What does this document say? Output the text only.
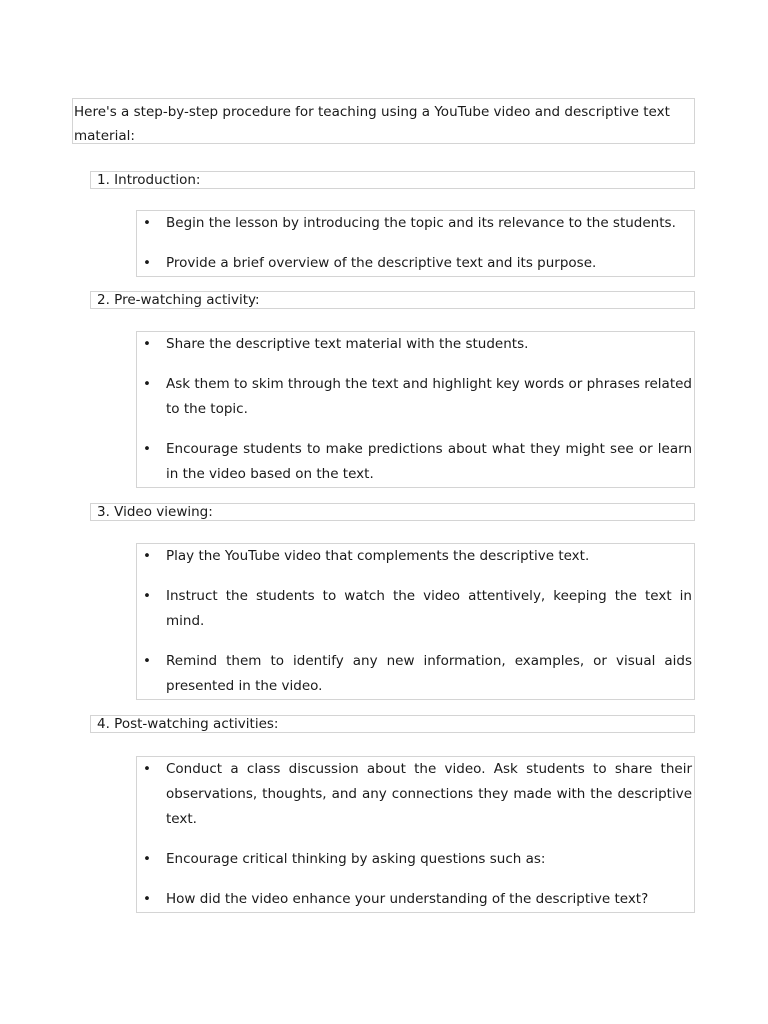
Here's a step-by-step procedure for teaching using a YouTube video and descriptive text material:
1. Introduction:
• Begin the lesson by introducing the topic and its relevance to the students.
• Provide a brief overview of the descriptive text and its purpose.
2. Pre-watching activity:
• Share the descriptive text material with the students.
• Ask them to skim through the text and highlight key words or phrases related to the topic.
• Encourage students to make predictions about what they might see or learn in the video based on the text.
3. Video viewing:
• Play the YouTube video that complements the descriptive text.
• Instruct the students to watch the video attentively, keeping the text in mind.
• Remind them to identify any new information, examples, or visual aids presented in the video.
4. Post-watching activities:
• Conduct a class discussion about the video. Ask students to share their observations, thoughts, and any connections they made with the descriptive text.
• Encourage critical thinking by asking questions such as:
• How did the video enhance your understanding of the descriptive text?
